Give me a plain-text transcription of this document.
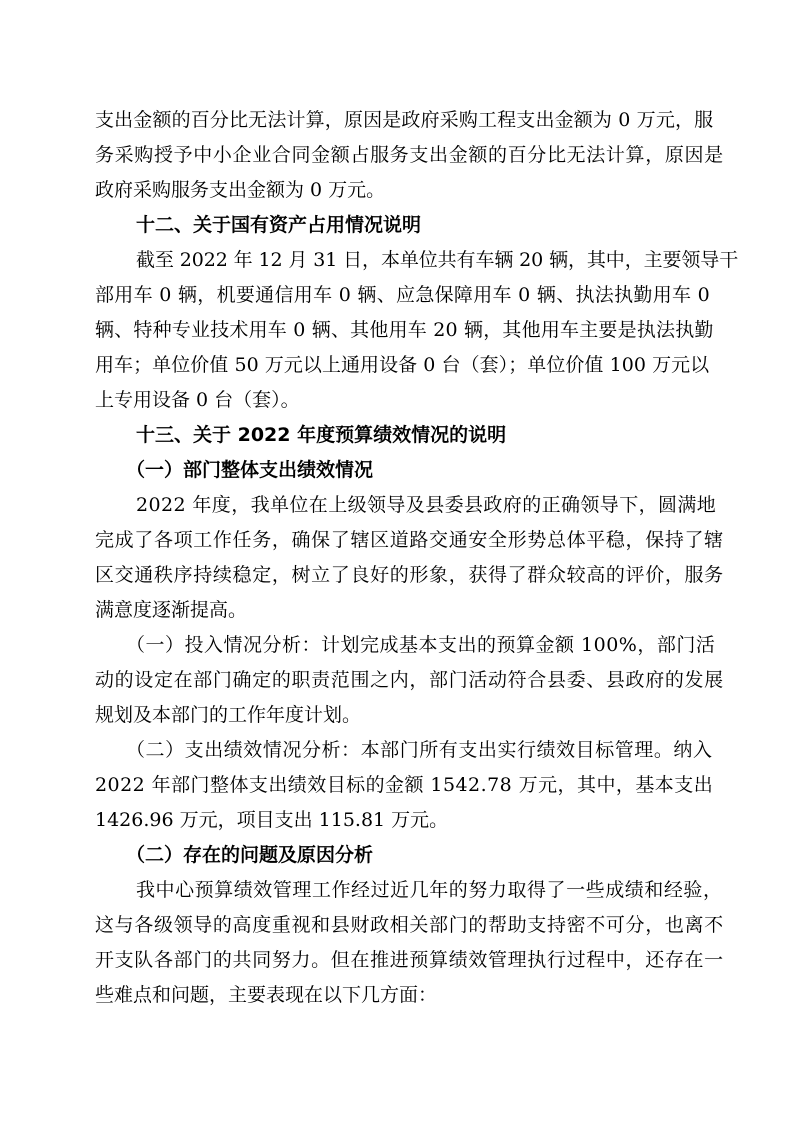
支出金额的百分比无法计算，原因是政府采购工程支出金额为 0 万元，服
务采购授予中小企业合同金额占服务支出金额的百分比无法计算，原因是
政府采购服务支出金额为 0 万元。
十二、关于国有资产占用情况说明
截至 2022 年 12 月 31 日，本单位共有车辆 20 辆，其中，主要领导干
部用车 0 辆，机要通信用车 0 辆、应急保障用车 0 辆、执法执勤用车 0
辆、特种专业技术用车 0 辆、其他用车 20 辆，其他用车主要是执法执勤
用车；单位价值 50 万元以上通用设备 0 台（套）；单位价值 100 万元以
上专用设备 0 台（套）。
十三、关于 2022 年度预算绩效情况的说明
（一）部门整体支出绩效情况
2022 年度，我单位在上级领导及县委县政府的正确领导下，圆满地
完成了各项工作任务，确保了辖区道路交通安全形势总体平稳，保持了辖
区交通秩序持续稳定，树立了良好的形象，获得了群众较高的评价，服务
满意度逐渐提高。
（一）投入情况分析：计划完成基本支出的预算金额 100%，部门活
动的设定在部门确定的职责范围之内，部门活动符合县委、县政府的发展
规划及本部门的工作年度计划。
（二）支出绩效情况分析：本部门所有支出实行绩效目标管理。纳入
2022 年部门整体支出绩效目标的金额 1542.78 万元，其中，基本支出
1426.96 万元，项目支出 115.81 万元。
（二）存在的问题及原因分析
我中心预算绩效管理工作经过近几年的努力取得了一些成绩和经验，
这与各级领导的高度重视和县财政相关部门的帮助支持密不可分，也离不
开支队各部门的共同努力。但在推进预算绩效管理执行过程中，还存在一
些难点和问题，主要表现在以下几方面：
